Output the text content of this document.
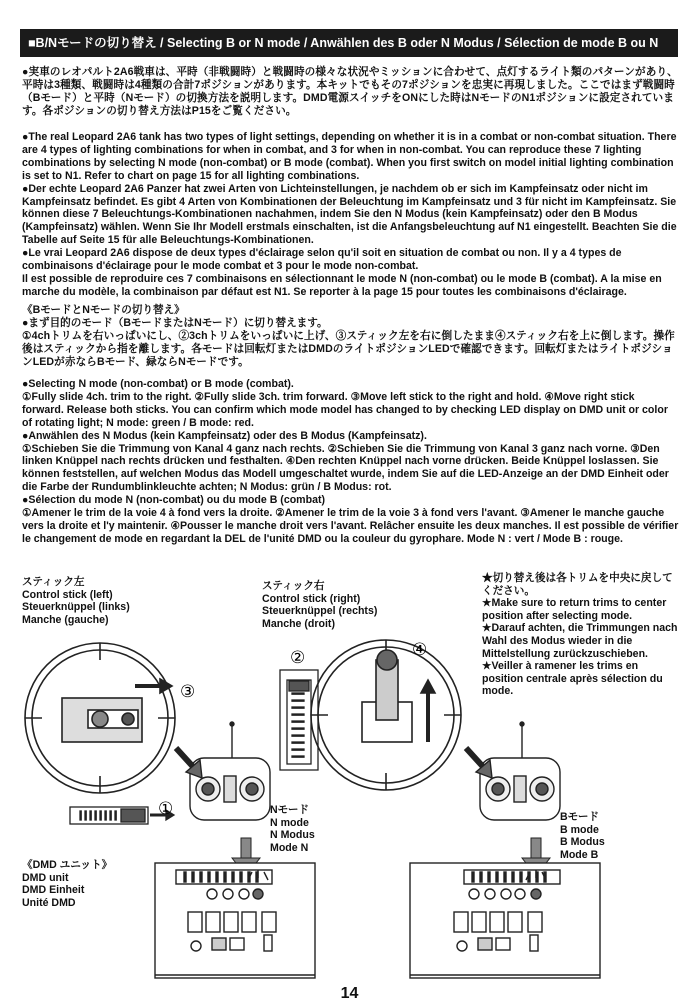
■B/Nモードの切り替え / Selecting B or N mode / Anwählen des B oder N Modus / Sélection de mode B ou N

●実車のレオパルト2A6戦車は、平時（非戦闘時）と戦闘時の様々な状況やミッションに合わせて、点灯するライト類のパターンがあり、平時は3種類、戦闘時は4種類の合計7ポジションがあります。本キットでもその7ポジションを忠実に再現しました。ここではまず戦闘時（Bモード）と平時（Nモード）の切換方法を説明します。DMD電源スイッチをONにした時はNモードのN1ポジションに設定されています。各ポジションの切り替え方法はP15をご覧ください。

●The real Leopard 2A6 tank has two types of light settings, depending on whether it is in a combat or non-combat situation. There are 4 types of lighting combinations for when in combat, and 3 for when in non-combat. You can reproduce these 7 lighting combinations by selecting N mode (non-combat) or B mode (combat). When you first switch on model initial lighting combination is set to N1. Refer to chart on page 15 for all lighting combinations.

●Der echte Leopard 2A6 Panzer hat zwei Arten von Lichteinstellungen, je nachdem ob er sich im Kampfeinsatz oder nicht im Kampfeinsatz befindet. Es gibt 4 Arten von Kombinationen der Beleuchtung im Kampfeinsatz und 3 für nicht im Kampfeinsatz. Sie können diese 7 Beleuchtungs-Kombinationen nachahmen, indem Sie den N Modus (kein Kampfeinsatz) oder den B Modus (Kampfeinsatz) wählen. Wenn Sie Ihr Modell erstmals einschalten, ist die Anfangsbeleuchtung auf N1 eingestellt. Beachten Sie die Tabelle auf Seite 15 für alle Beleuchtungs-Kombinationen.

●Le vrai Leopard 2A6 dispose de deux types d'éclairage selon qu'il soit en situation de combat ou non. Il y a 4 types de combinaisons d'éclairage pour le mode combat et 3 pour le mode non-combat.

Il est possible de reproduire ces 7 combinaisons en sélectionnant le mode N (non-combat) ou le mode B (combat). A la mise en marche du modèle, la combinaison par défaut est N1. Se reporter à la page 15 pour toutes les combinaisons d'éclairage.

《BモードとNモードの切り替え》

●まず目的のモード（BモードまたはNモード）に切り替えます。

①4chトリムを右いっぱいにし、②3chトリムをいっぱいに上げ、③スティック左を右に倒したまま④スティック右を上に倒します。操作後はスティックから指を離します。各モードは回転灯またはDMDのライトポジションLEDで確認できます。回転灯またはライトポジションLEDが赤ならBモード、緑ならNモードです。

●Selecting N mode (non-combat) or B mode (combat).

①Fully slide 4ch. trim to the right. ②Fully slide 3ch. trim forward. ③Move left stick to the right and hold. ④Move right stick forward. Release both sticks. You can confirm which mode model has changed to by checking LED display on DMD unit or color of rotating light; N mode: green / B mode: red.

●Anwählen des N Modus (kein Kampfeinsatz) oder des B Modus (Kampfeinsatz).

①Schieben Sie die Trimmung von Kanal 4 ganz nach rechts. ②Schieben Sie die Trimmung von Kanal 3 ganz nach vorne. ③Den linken Knüppel nach rechts drücken und festhalten. ④Den rechten Knüppel nach vorne drücken. Beide Knüppel loslassen. Sie können feststellen, auf welchen Modus das Modell umgeschaltet wurde, indem Sie auf die LED-Anzeige an der DMD Einheit oder die Farbe der Rundumblinkleuchte achten; N Modus: grün / B Modus: rot.

●Sélection du mode N (non-combat) ou du mode B (combat)

①Amener le trim de la voie 4 à fond vers la droite. ②Amener le trim de la voie 3 à fond vers l'avant. ③Amener le manche gauche vers la droite et l'y maintenir. ④Pousser le manche droit vers l'avant. Relâcher ensuite les deux manches. Il est possible de vérifier le changement de mode en regardant la DEL de l'unité DMD ou la couleur du gyrophare. Mode N : vert / Mode B : rouge.

スティック左
Control stick (left)
Steuerknüppel (links)
Manche (gauche)
スティック右
Control stick (right)
Steuerknüppel (rechts)
Manche (droit)

★切り替え後は各トリムを中央に戻してください。

★Make sure to return trims to center position after selecting mode.

★Darauf achten, die Trimmungen nach Wahl des Modus wieder in die Mittelstellung zurückzuschieben.

★Veiller à ramener les trims en position centrale après sélection du mode.

Nモード
N mode
N Modus
Mode N
Bモード
B mode
B Modus
Mode B
《DMD ユニット》
DMD unit
DMD Einheit
Unité DMD
③
①
②	④
14
